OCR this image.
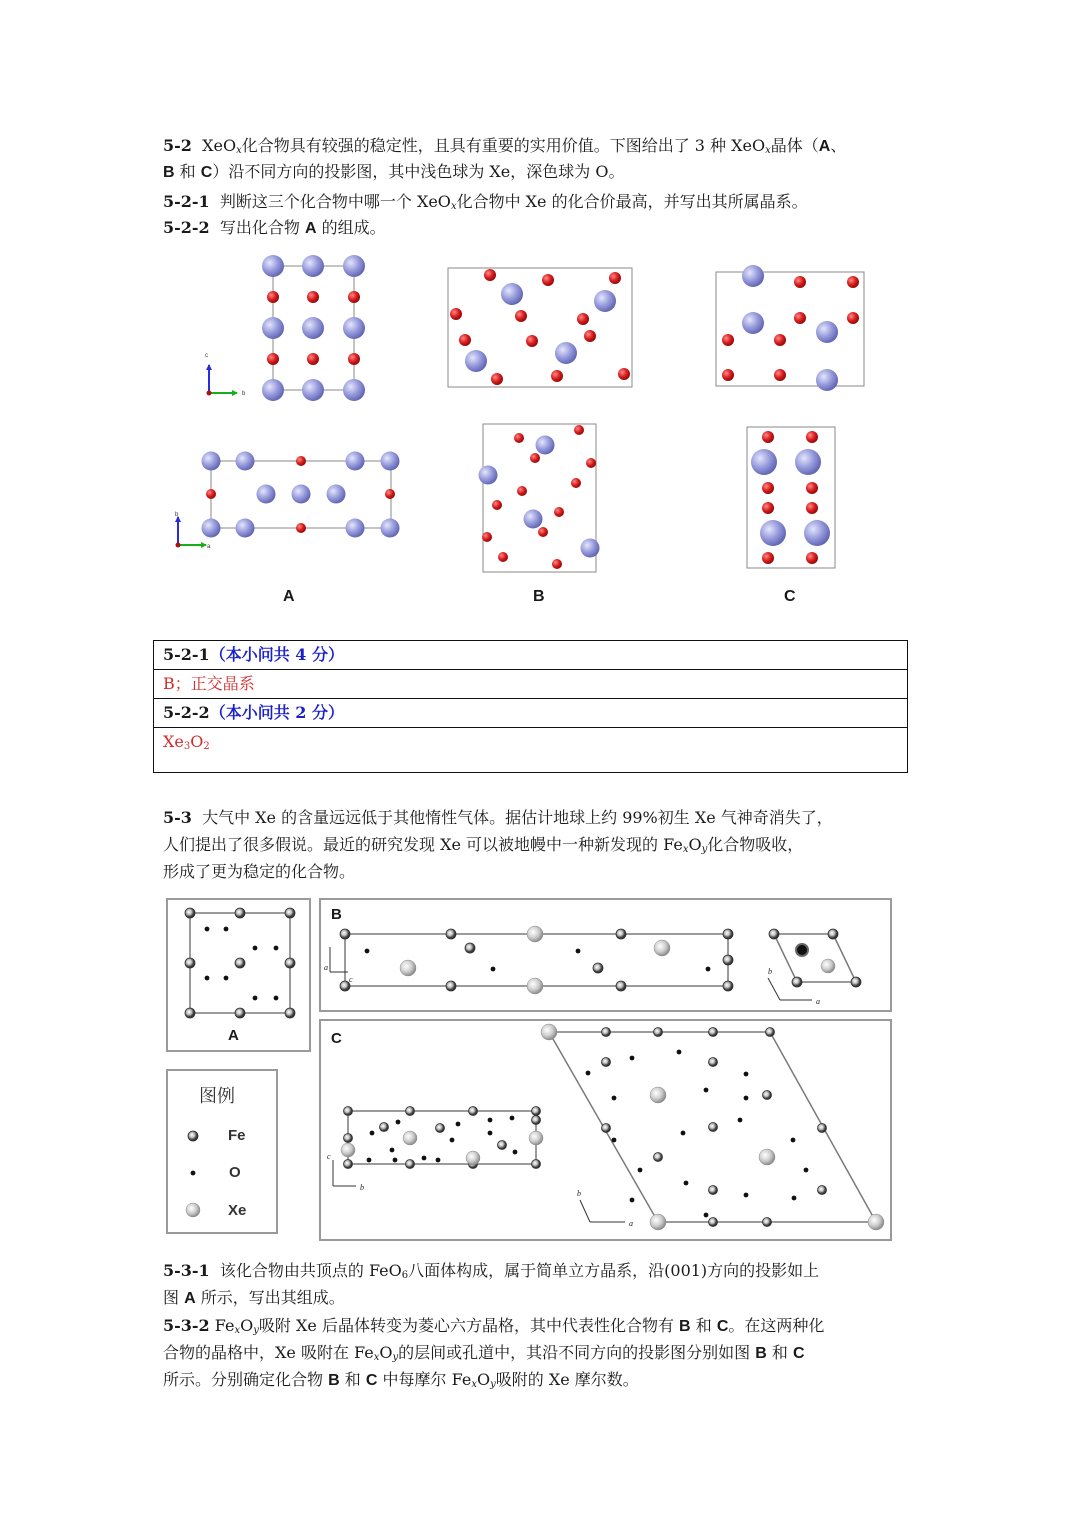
5-2 XeO$_x$化合物具有较强的稳定性，且具有重要的实用价值。下图给出了 3 种 XeO$_x$晶体（A、
B 和 C）沿不同方向的投影图，其中浅色球为 Xe，深色球为 O。
5-2-1 判断这三个化合物中哪一个 XeO$_x$化合物中 Xe 的化合价最高，并写出其所属晶系。
5-2-2 写出化合物 A 的组成。
c
b
b
a
A	B	C
5-2-1（本小问共 4 分）
B；正交晶系
5-2-2（本小问共 2 分）
$Xe_3O_2$
5-3 大气中 Xe 的含量远远低于其他惰性气体。据估计地球上约 99%初生 Xe 气神奇消失了，
人们提出了很多假说。最近的研究发现 Xe 可以被地幔中一种新发现的 $Fe_xO_y$化合物吸收，
形成了更为稳定的化合物。
a
c
b
a
c
b
b
a
A
B
C
图例
Fe
O
Xe
5-3-1 该化合物由共顶点的 FeO$_6$八面体构成，属于简单立方晶系，沿(001)方向的投影如上
图 A 所示，写出其组成。
5-3-2 $Fe_xO_y$吸附 Xe 后晶体转变为菱心六方晶格，其中代表性化合物有 B 和 C。在这两种化
合物的晶格中，Xe 吸附在 $Fe_xO_y$的层间或孔道中，其沿不同方向的投影图分别如图 B 和 C
所示。分别确定化合物 B 和 C 中每摩尔 $Fe_xO_y$吸附的 Xe 摩尔数。
